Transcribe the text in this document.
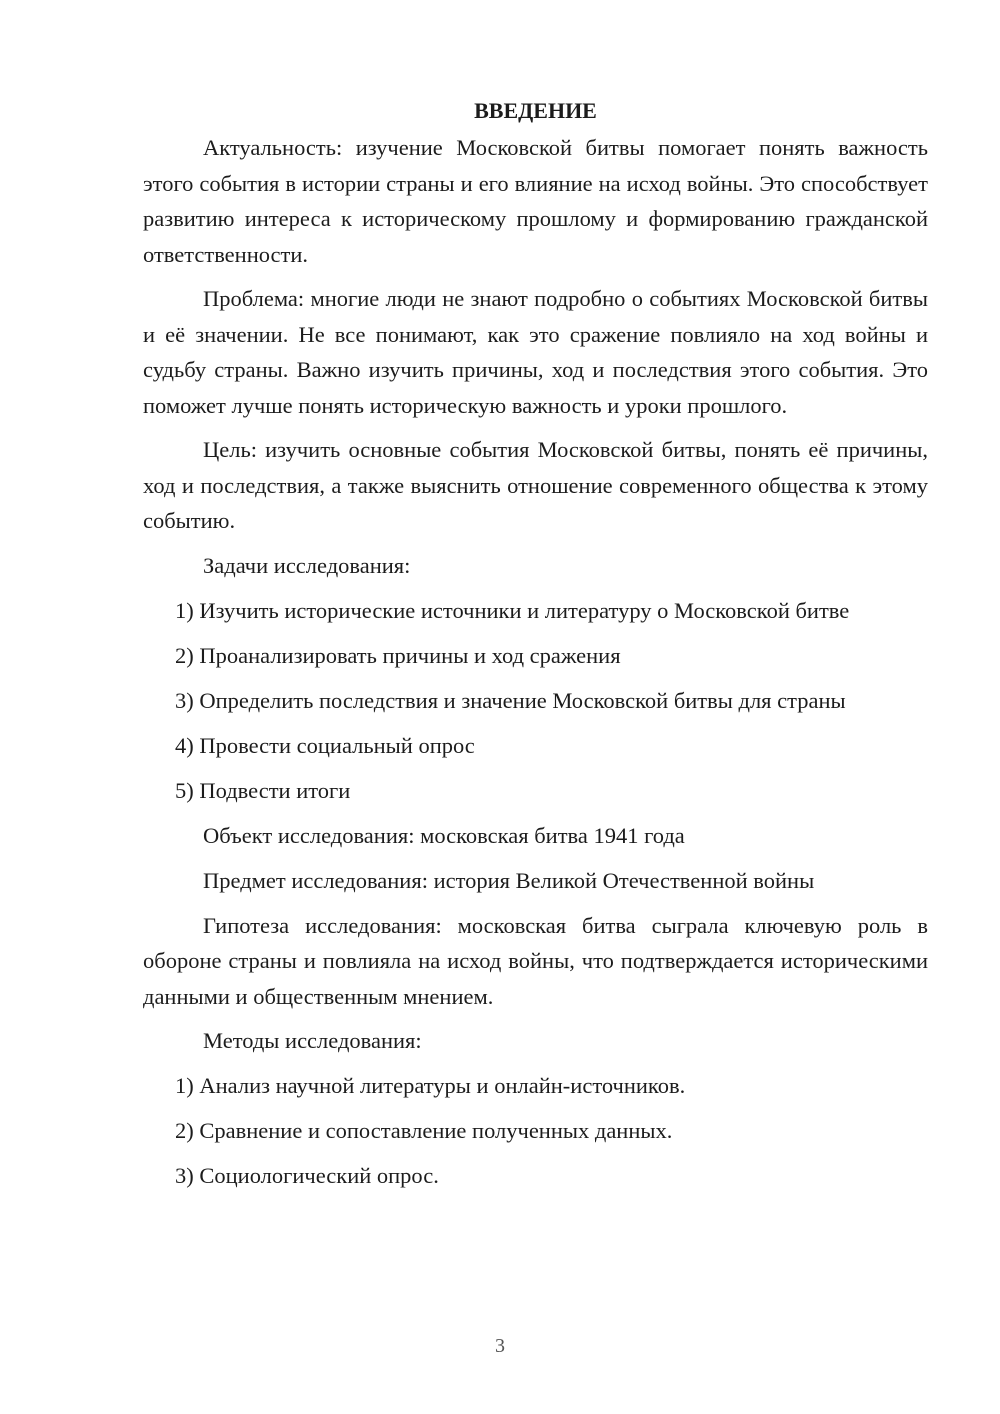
ВВЕДЕНИЕ

Актуальность: изучение Московской битвы помогает понять важность этого события в истории страны и его влияние на исход войны. Это способствует развитию интереса к историческому прошлому и формированию гражданской ответственности.

Проблема: многие люди не знают подробно о событиях Московской битвы и её значении. Не все понимают, как это сражение повлияло на ход войны и судьбу страны. Важно изучить причины, ход и последствия этого события. Это поможет лучше понять историческую важность и уроки прошлого.

Цель: изучить основные события Московской битвы, понять её причины, ход и последствия, а также выяснить отношение современного общества к этому событию.

Задачи исследования:

1) Изучить исторические источники и литературу о Московской битве
2) Проанализировать причины и ход сражения
3) Определить последствия и значение Московской битвы для страны
4) Провести социальный опрос
5) Подвести итоги

Объект исследования: московская битва 1941 года

Предмет исследования: история Великой Отечественной войны

Гипотеза исследования: московская битва сыграла ключевую роль в обороне страны и повлияла на исход войны, что подтверждается историческими данными и общественным мнением.

Методы исследования:

1) Анализ научной литературы и онлайн-источников.
2) Сравнение и сопоставление полученных данных.
3) Социологический опрос.
3
